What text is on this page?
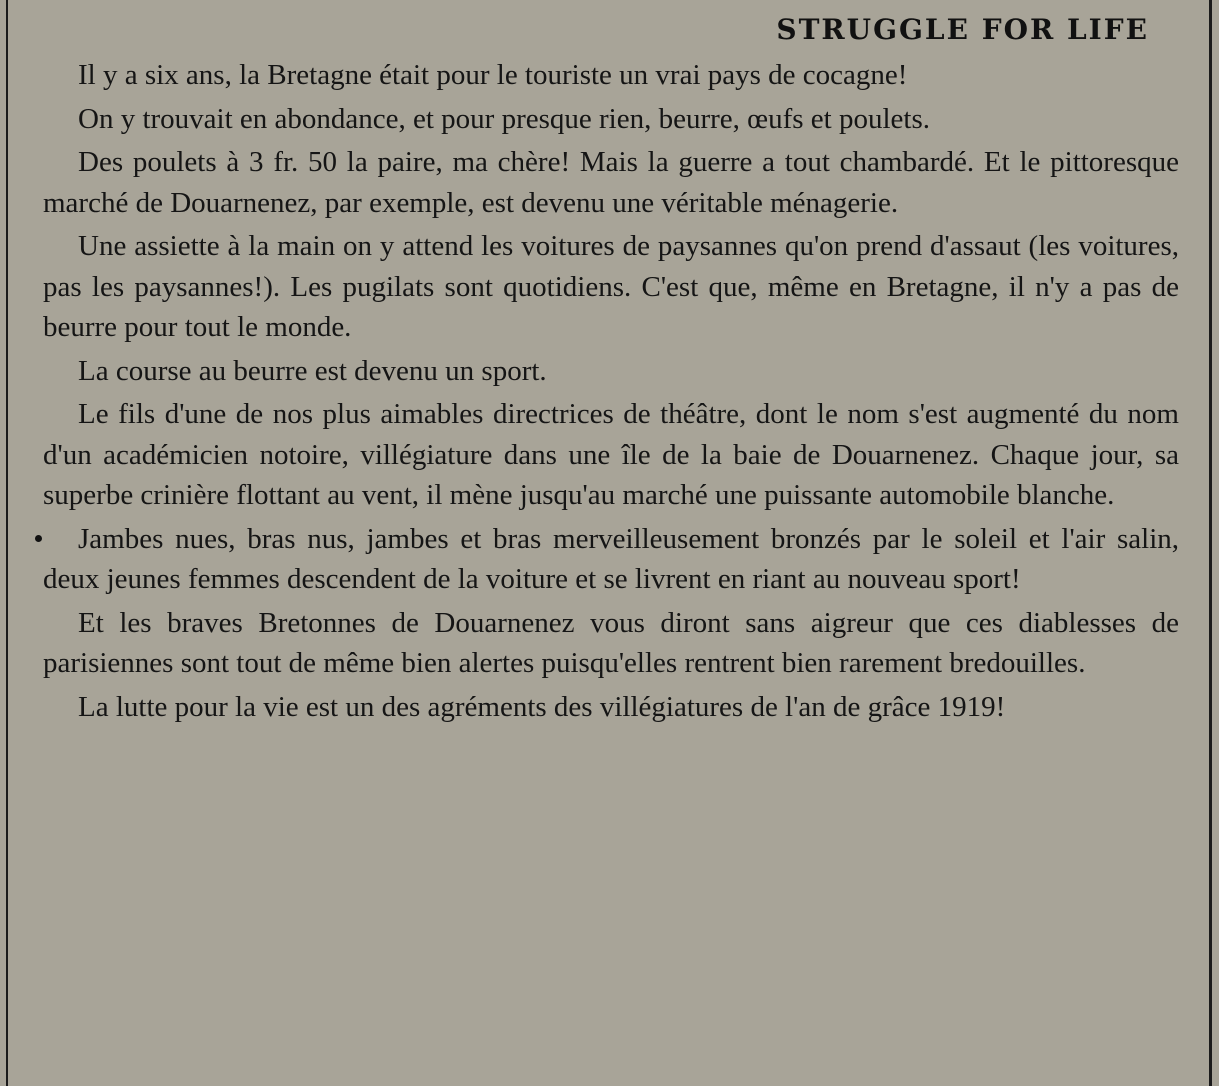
STRUGGLE FOR LIFE

Il y a six ans, la Bretagne était pour le touriste un vrai pays de cocagne!

On y trouvait en abondance, et pour presque rien, beurre, œufs et poulets.

Des poulets à 3 fr. 50 la paire, ma chère! Mais la guerre a tout chambardé. Et le pittoresque marché de Douarnenez, par exemple, est devenu une véritable ménagerie.

Une assiette à la main on y attend les voitures de paysannes qu'on prend d'assaut (les voitures, pas les paysannes!). Les pugilats sont quotidiens. C'est que, même en Bretagne, il n'y a pas de beurre pour tout le monde.

La course au beurre est devenu un sport.

Le fils d'une de nos plus aimables directrices de théâtre, dont le nom s'est augmenté du nom d'un académicien notoire, villégiature dans une île de la baie de Douarnenez. Chaque jour, sa superbe crinière flottant au vent, il mène jusqu'au marché une puissante automobile blanche.

Jambes nues, bras nus, jambes et bras merveilleusement bronzés par le soleil et l'air salin, deux jeunes femmes descendent de la voiture et se livrent en riant au nouveau sport!

Et les braves Bretonnes de Douarnenez vous diront sans aigreur que ces diablesses de parisiennes sont tout de même bien alertes puisqu'elles rentrent bien rarement bredouilles.

La lutte pour la vie est un des agréments des villégiatures de l'an de grâce 1919!
